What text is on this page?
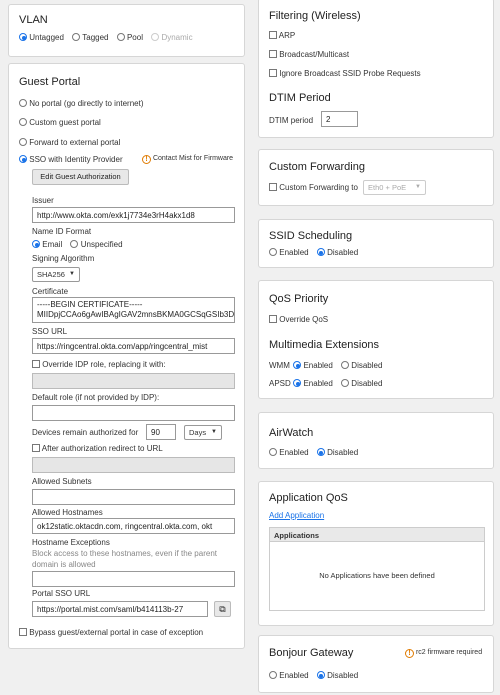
VLAN
Untagged Tagged Pool Dynamic
Guest Portal
No portal (go directly to internet)
Custom guest portal
Forward to external portal
SSO with Identity Provider	! Contact Mist for Firmware
Edit Guest Authorization
Issuer
http://www.okta.com/exk1j7734e3rH4akx1d8
Name ID Format
Email Unspecified
Signing Algorithm
SHA256 ▼
Certificate
-----BEGIN CERTIFICATE-----
MIIDpjCCAo6gAwIBAgIGAV2mnsBKMA0GCSqGSIb3D
SSO URL
https://ringcentral.okta.com/app/ringcentral_mist
Override IDP role, replacing it with:
Default role (if not provided by IDP):
Devices remain authorized for	90	Days ▼
After authorization redirect to URL
Allowed Subnets
Allowed Hostnames
ok12static.oktacdn.com, ringcentral.okta.com, okt
Hostname Exceptions
Block access to these hostnames, even if the parent domain is allowed
Portal SSO URL
https://portal.mist.com/saml/b414113b-27	⧉
Bypass guest/external portal in case of exception
Filtering (Wireless)
ARP
Broadcast/Multicast
Ignore Broadcast SSID Probe Requests
DTIM Period
DTIM period	2
Custom Forwarding
Custom Forwarding to	Eth0 + PoE ▼
SSID Scheduling
Enabled Disabled
QoS Priority
Override QoS
Multimedia Extensions
WMM Enabled Disabled
APSD Enabled Disabled
AirWatch
Enabled Disabled
Application QoS
Add Application
Applications
No Applications have been defined
Bonjour Gateway	! rc2 firmware required
Enabled Disabled
